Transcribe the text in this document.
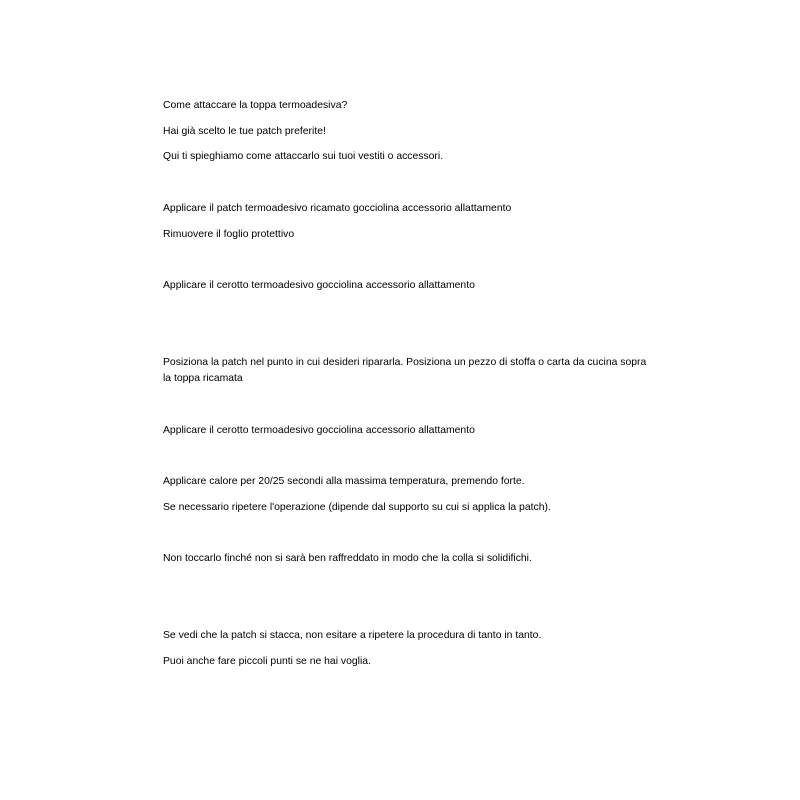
Come attaccare la toppa termoadesiva?

Hai già scelto le tue patch preferite!

Qui ti spieghiamo come attaccarlo sui tuoi vestiti o accessori.

Applicare il patch termoadesivo ricamato gocciolina accessorio allattamento

Rimuovere il foglio protettivo

Applicare il cerotto termoadesivo gocciolina accessorio allattamento

Posiziona la patch nel punto in cui desideri ripararla. Posiziona un pezzo di stoffa o carta da cucina sopra

la toppa ricamata

Applicare il cerotto termoadesivo gocciolina accessorio allattamento

Applicare calore per 20/25 secondi alla massima temperatura, premendo forte.

Se necessario ripetere l'operazione (dipende dal supporto su cui si applica la patch).

Non toccarlo finché non si sarà ben raffreddato in modo che la colla si solidifichi.

Se vedi che la patch si stacca, non esitare a ripetere la procedura di tanto in tanto.

Puoi anche fare piccoli punti se ne hai voglia.
